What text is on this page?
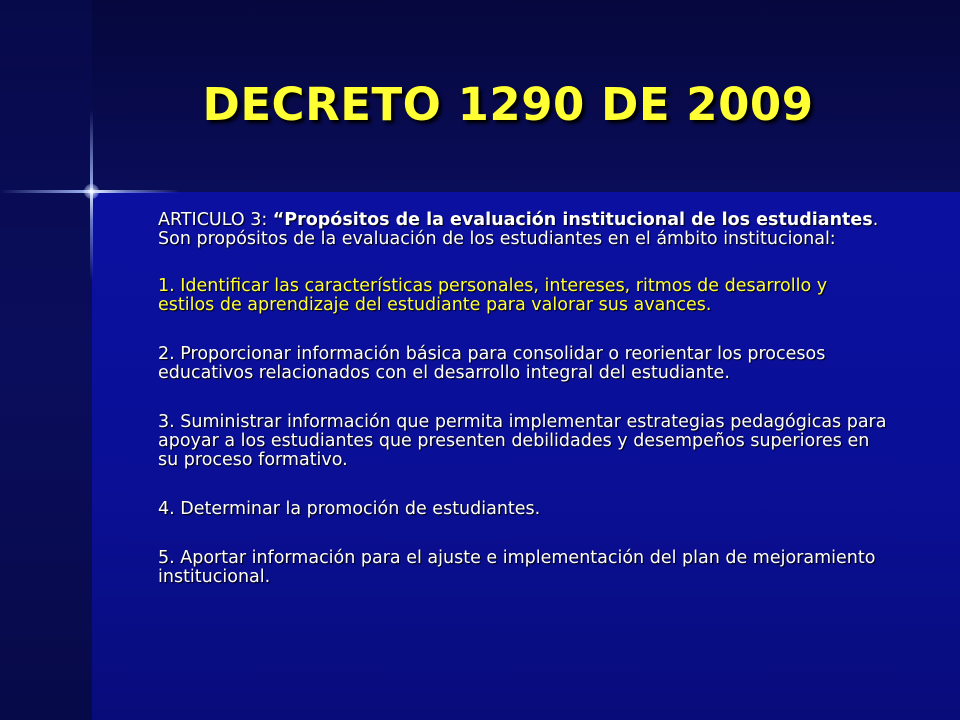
DECRETO 1290 DE 2009

ARTICULO 3: “Propósitos de la evaluación institucional de los estudiantes. Son propósitos de la evaluación de los estudiantes en el ámbito institucional:

1. Identificar las características personales, intereses, ritmos de desarrollo y estilos de aprendizaje del estudiante para valorar sus avances.

2. Proporcionar información básica para consolidar o reorientar los procesos educativos relacionados con el desarrollo integral del estudiante.

3. Suministrar información que permita implementar estrategias pedagógicas para apoyar a los estudiantes que presenten debilidades y desempeños superiores en su proceso formativo.

4. Determinar la promoción de estudiantes.

5. Aportar información para el ajuste e implementación del plan de mejoramiento institucional.
